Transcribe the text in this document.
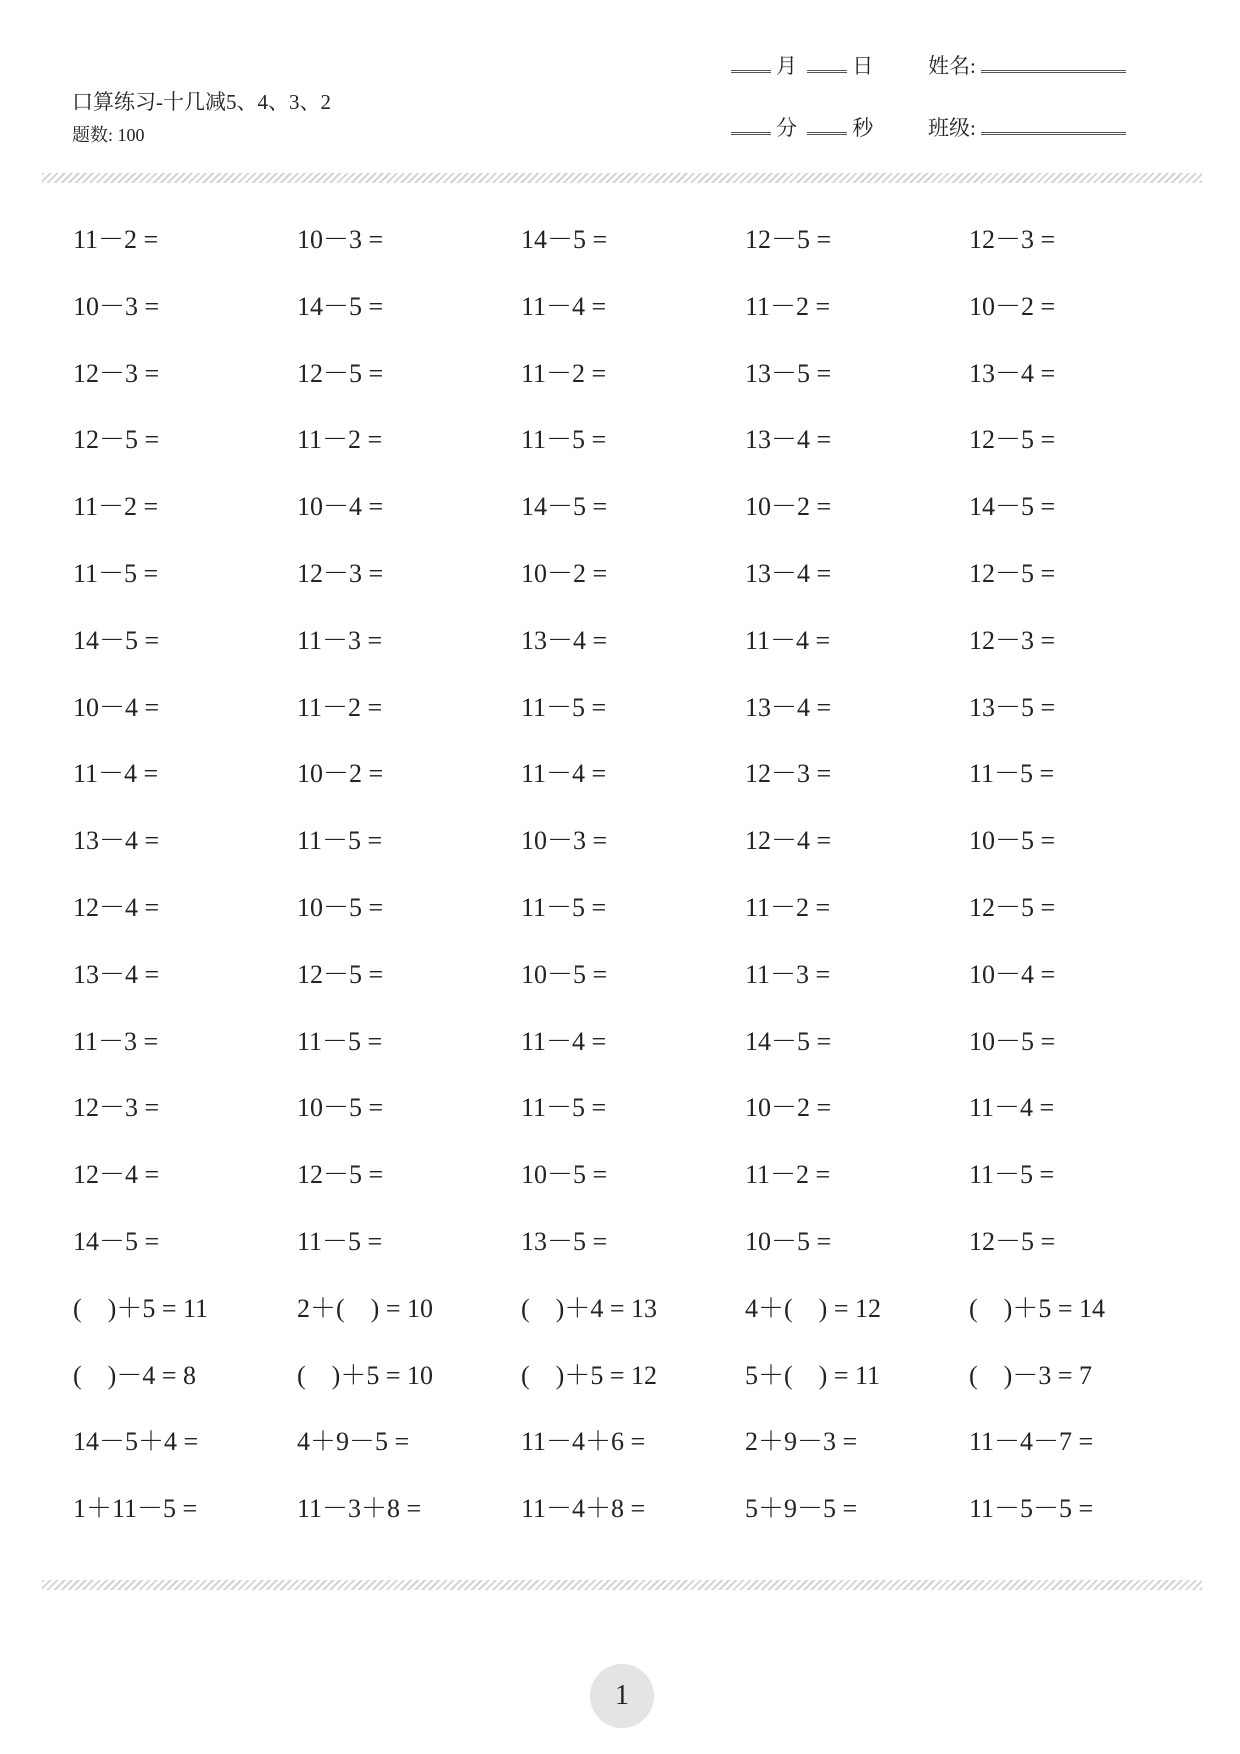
口算练习-十几减5、4、3、2
题数: 100
月	日
分	秒
姓名:
班级:
11－2 =	10－3 =	14－5 =	12－5 =	12－3 =
10－3 =	14－5 =	11－4 =	11－2 =	10－2 =
12－3 =	12－5 =	11－2 =	13－5 =	13－4 =
12－5 =	11－2 =	11－5 =	13－4 =	12－5 =
11－2 =	10－4 =	14－5 =	10－2 =	14－5 =
11－5 =	12－3 =	10－2 =	13－4 =	12－5 =
14－5 =	11－3 =	13－4 =	11－4 =	12－3 =
10－4 =	11－2 =	11－5 =	13－4 =	13－5 =
11－4 =	10－2 =	11－4 =	12－3 =	11－5 =
13－4 =	11－5 =	10－3 =	12－4 =	10－5 =
12－4 =	10－5 =	11－5 =	11－2 =	12－5 =
13－4 =	12－5 =	10－5 =	11－3 =	10－4 =
11－3 =	11－5 =	11－4 =	14－5 =	10－5 =
12－3 =	10－5 =	11－5 =	10－2 =	11－4 =
12－4 =	12－5 =	10－5 =	11－2 =	11－5 =
14－5 =	11－5 =	13－5 =	10－5 =	12－5 =
(    )＋5 = 11	2＋(    ) = 10	(    )＋4 = 13	4＋(    ) = 12	(    )＋5 = 14
(    )－4 = 8	(    )＋5 = 10	(    )＋5 = 12	5＋(    ) = 11	(    )－3 = 7
14－5＋4 =	4＋9－5 =	11－4＋6 =	2＋9－3 =	11－4－7 =
1＋11－5 =	11－3＋8 =	11－4＋8 =	5＋9－5 =	11－5－5 =
1
